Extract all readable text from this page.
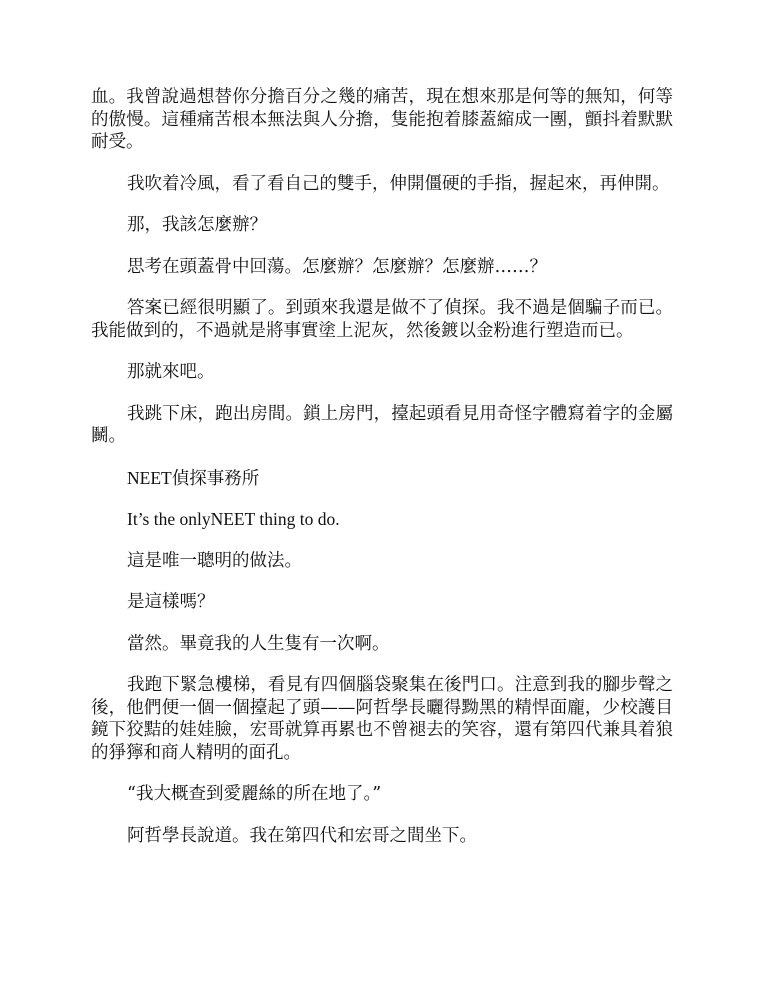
血。我曾說過想替你分擔百分之幾的痛苦，現在想來那是何等的無知，何等的傲慢。這種痛苦根本無法與人分擔，隻能抱着膝蓋縮成一團，顫抖着默默耐受。

我吹着冷風，看了看自己的雙手，伸開僵硬的手指，握起來，再伸開。

那，我該怎麼辦？

思考在頭蓋骨中回蕩。怎麼辦？怎麼辦？怎麼辦……？

答案已經很明顯了。到頭來我還是做不了偵探。我不過是個騙子而已。我能做到的，不過就是將事實塗上泥灰，然後鍍以金粉進行塑造而已。

那就來吧。

我跳下床，跑出房間。鎖上房門，擡起頭看見用奇怪字體寫着字的金屬鬭。

NEET偵探事務所

It’s the onlyNEET thing to do.

這是唯一聰明的做法。

是這樣嗎？

當然。畢竟我的人生隻有一次啊。

我跑下緊急樓梯，看見有四個腦袋聚集在後門口。注意到我的腳步聲之後，他們便一個一個擡起了頭——阿哲學長曬得黝黑的精悍面龐，少校護目鏡下狡黠的娃娃臉，宏哥就算再累也不曾褪去的笑容，還有第四代兼具着狼的猙獰和商人精明的面孔。

“我大概查到愛麗絲的所在地了。”

阿哲學長說道。我在第四代和宏哥之間坐下。
